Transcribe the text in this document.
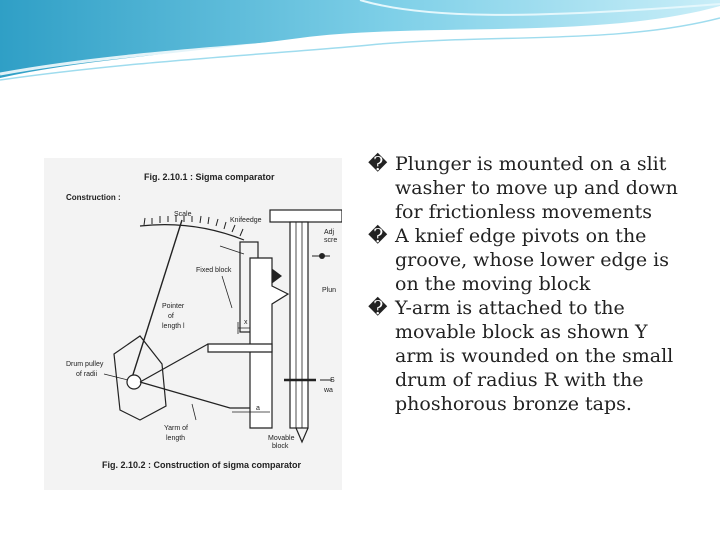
Fig. 2.10.1 : Sigma comparator
Construction :
Scale
Knifeedge
Fixed block
Adj
scre
Plun
S
wa
Movable
block
Pointer
of
length l
x
Drum pulley
of radii
a
Yarm of
length
Fig. 2.10.2 : Construction of sigma comparator

� Plunger is mounted on a slit washer to move up and down for frictionless movements

� A knief edge pivots on the groove, whose lower edge is on the moving block

� Y-arm is attached to the movable block as shown Y arm is wounded on the small drum of radius R with the phoshorous bronze taps.
